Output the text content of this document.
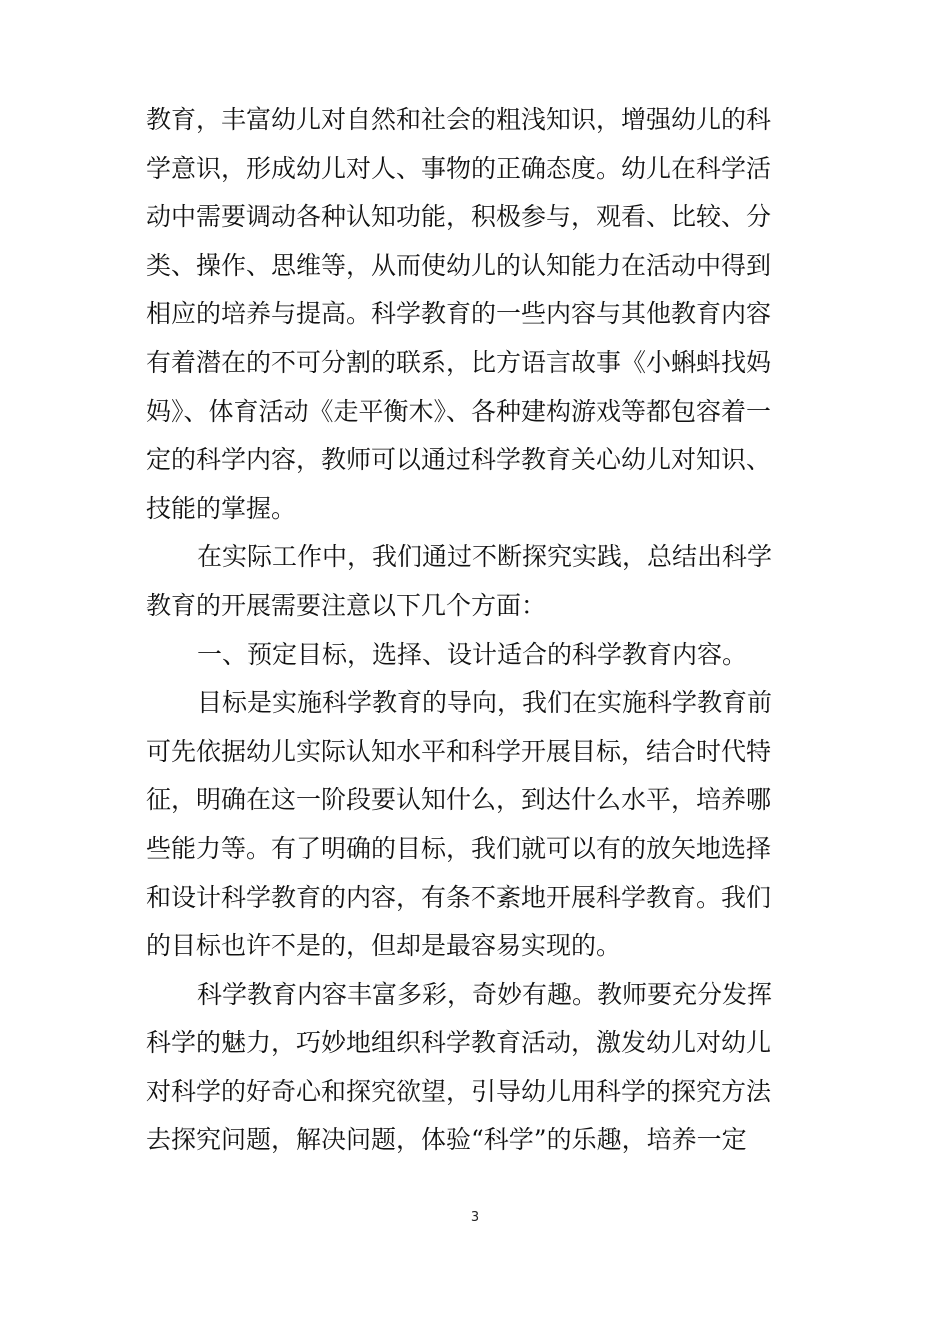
教育，丰富幼儿对自然和社会的粗浅知识，增强幼儿的科
学意识，形成幼儿对人、事物的正确态度。幼儿在科学活
动中需要调动各种认知功能，积极参与，观看、比较、分
类、操作、思维等，从而使幼儿的认知能力在活动中得到
相应的培养与提高。科学教育的一些内容与其他教育内容
有着潜在的不可分割的联系，比方语言故事《小蝌蚪找妈
妈》、体育活动《走平衡木》、各种建构游戏等都包容着一
定的科学内容，教师可以通过科学教育关心幼儿对知识、
技能的掌握。
在实际工作中，我们通过不断探究实践，总结出科学
教育的开展需要注意以下几个方面：
一、预定目标，选择、设计适合的科学教育内容。
目标是实施科学教育的导向，我们在实施科学教育前
可先依据幼儿实际认知水平和科学开展目标，结合时代特
征，明确在这一阶段要认知什么，到达什么水平，培养哪
些能力等。有了明确的目标，我们就可以有的放矢地选择
和设计科学教育的内容，有条不紊地开展科学教育。我们
的目标也许不是的，但却是最容易实现的。
科学教育内容丰富多彩，奇妙有趣。教师要充分发挥
科学的魅力，巧妙地组织科学教育活动，激发幼儿对幼儿
对科学的好奇心和探究欲望，引导幼儿用科学的探究方法
去探究问题，解决问题，体验“科学”的乐趣，培养一定
3
